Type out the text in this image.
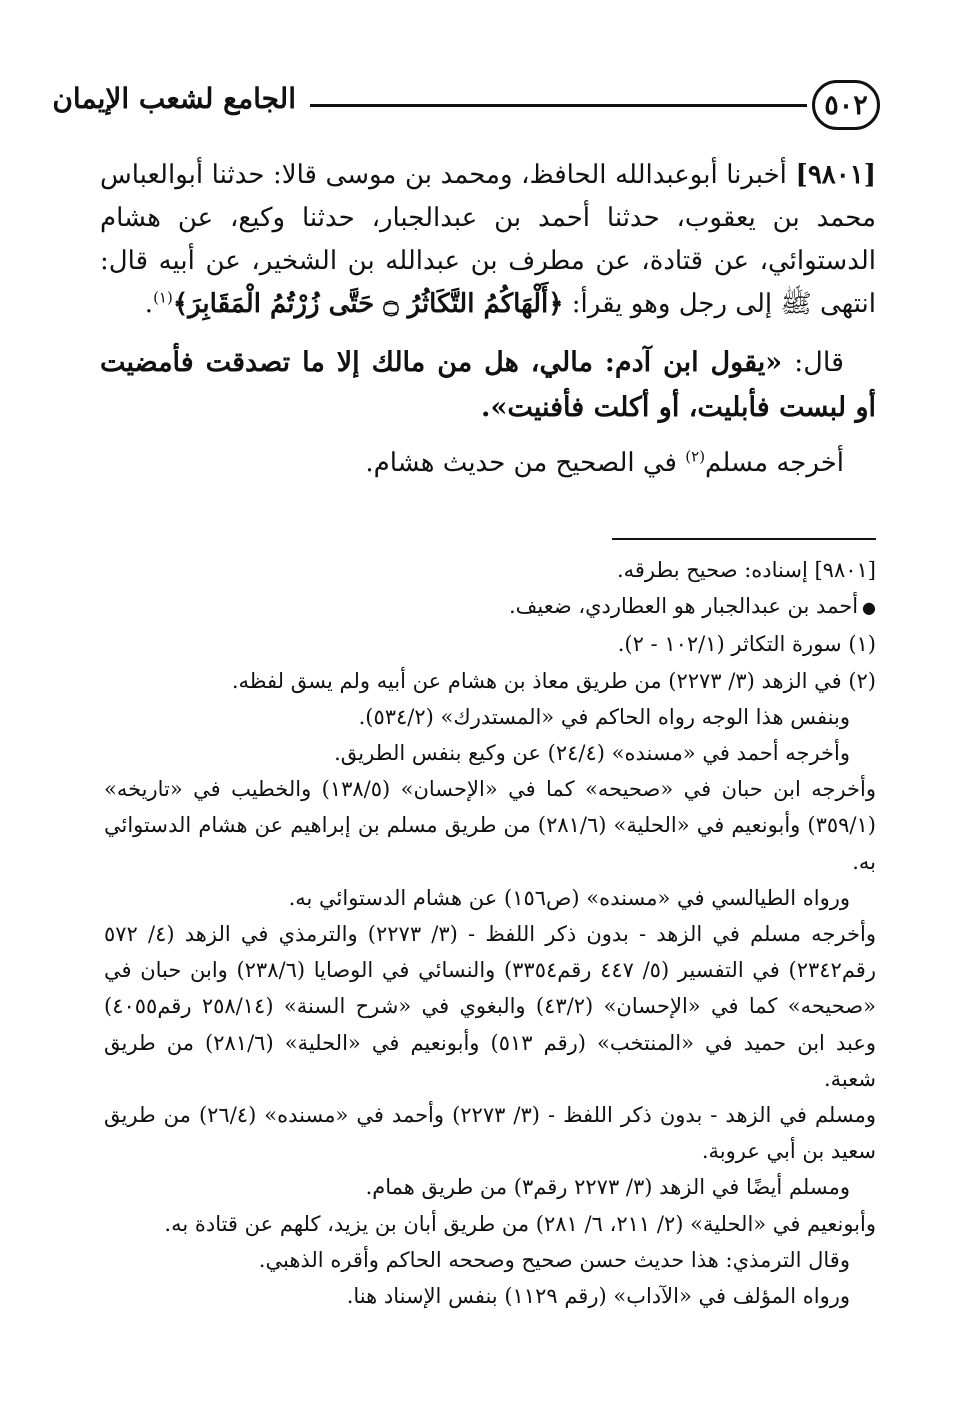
٥٠٢
الجامع لشعب الإيمان

[٩٨٠١] أخبرنا أبوعبدالله الحافظ، ومحمد بن موسى قالا: حدثنا أبوالعباس محمد بن يعقوب، حدثنا أحمد بن عبدالجبار، حدثنا وكيع، عن هشام الدستوائي، عن قتادة، عن مطرف بن عبدالله بن الشخير، عن أبيه قال: انتهى ﷺ إلى رجل وهو يقرأ: ﴿أَلْهَاكُمُ التَّكَاثُرُ ۝ حَتَّى زُرْتُمُ الْمَقَابِرَ﴾$^{(١)}$.

قال: «يقول ابن آدم: مالي، هل من مالك إلا ما تصدقت فأمضيت أو لبست فأبليت، أو أكلت فأفنيت».

أخرجه مسلم$^{(٢)}$ في الصحيح من حديث هشام.

[٩٨٠١] إسناده: صحيح بطرقه.

●أحمد بن عبدالجبار هو العطاردي، ضعيف.

(١) سورة التكاثر (١٠٢/١ - ٢).

(٢) في الزهد (٣/ ٢٢٧٣) من طريق معاذ بن هشام عن أبيه ولم يسق لفظه.

وبنفس هذا الوجه رواه الحاكم في «المستدرك» (٥٣٤/٢).

وأخرجه أحمد في «مسنده» (٢٤/٤) عن وكيع بنفس الطريق.

وأخرجه ابن حبان في «صحيحه» كما في «الإحسان» (١٣٨/٥) والخطيب في «تاريخه» (٣٥٩/١) وأبونعيم في «الحلية» (٢٨١/٦) من طريق مسلم بن إبراهيم عن هشام الدستوائي به.

ورواه الطيالسي في «مسنده» (ص١٥٦) عن هشام الدستوائي به.

وأخرجه مسلم في الزهد - بدون ذكر اللفظ - (٣/ ٢٢٧٣) والترمذي في الزهد (٤/ ٥٧٢ رقم٢٣٤٢) في التفسير (٥/ ٤٤٧ رقم٣٣٥٤) والنسائي في الوصايا (٢٣٨/٦) وابن حبان في «صحيحه» كما في «الإحسان» (٤٣/٢) والبغوي في «شرح السنة» (٢٥٨/١٤ رقم٤٠٥٥) وعبد ابن حميد في «المنتخب» (رقم ٥١٣) وأبونعيم في «الحلية» (٢٨١/٦) من طريق شعبة.

ومسلم في الزهد - بدون ذكر اللفظ - (٣/ ٢٢٧٣) وأحمد في «مسنده» (٢٦/٤) من طريق سعيد بن أبي عروبة.

ومسلم أيضًا في الزهد (٣/ ٢٢٧٣ رقم٣) من طريق همام.

وأبونعيم في «الحلية» (٢/ ٢١١، ٦/ ٢٨١) من طريق أبان بن يزيد، كلهم عن قتادة به.

وقال الترمذي: هذا حديث حسن صحيح وصححه الحاكم وأقره الذهبي.

ورواه المؤلف في «الآداب» (رقم ١١٢٩) بنفس الإسناد هنا.
